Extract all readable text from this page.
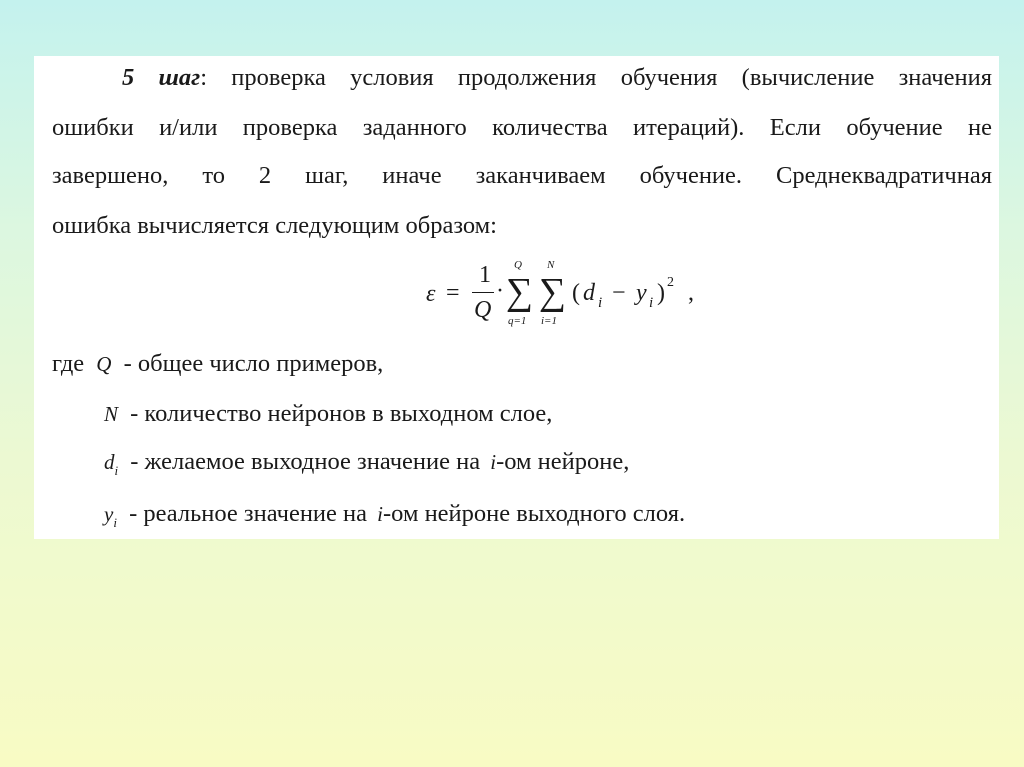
5 шаг: проверка условия продолжения обучения (вычисление значения
ошибки и/или проверка заданного количества итераций). Если обучение не
завершено, то 2 шаг, иначе заканчиваем обучение. Среднеквадратичная
ошибка вычисляется следующим образом:
ε =
1
Q
·
Q
∑
q=1
N
∑
i=1
( d i − y i ) 2 ,
где Q - общее число примеров,
N - количество нейронов в выходном слое,
$d_i$ - желаемое выходное значение на i-ом нейроне,
$y_i$ - реальное значение на i-ом нейроне выходного слоя.
